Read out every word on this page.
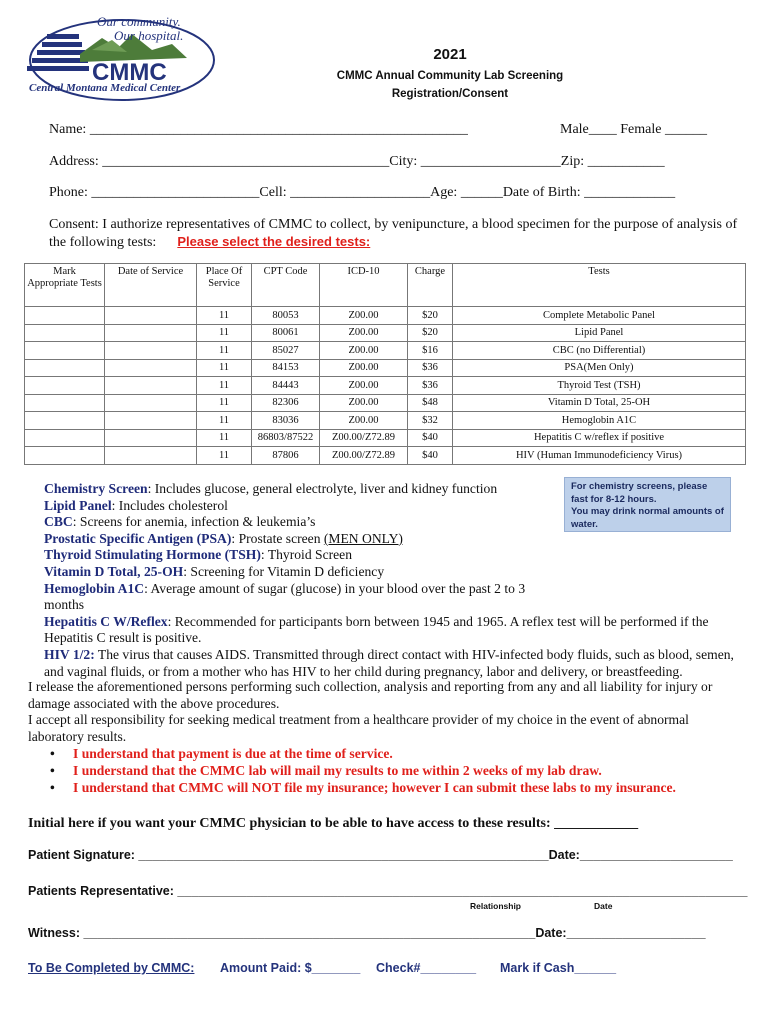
Our community.
Our hospital.
CMMC
Central Montana Medical Center
2021
CMMC Annual Community Lab Screening
Registration/Consent
Name: ______________________________________________________	Male____ Female ______
Address: _________________________________________City: ____________________Zip: ___________
Phone: ________________________Cell: ____________________Age: ______Date of Birth: _____________
Consent: I authorize representatives of CMMC to collect, by venipuncture, a blood specimen for the purpose of analysis of
the following tests: Please select the desired tests:
Mark Appropriate Tests	Date of Service	Place Of Service	CPT Code	ICD-10	Charge	Tests
		11	80053	Z00.00	$20	Complete Metabolic Panel
		11	80061	Z00.00	$20	Lipid Panel
		11	85027	Z00.00	$16	CBC (no Differential)
		11	84153	Z00.00	$36	PSA(Men Only)
		11	84443	Z00.00	$36	Thyroid Test (TSH)
		11	82306	Z00.00	$48	Vitamin D Total, 25-OH
		11	83036	Z00.00	$32	Hemoglobin A1C
		11	86803/87522	Z00.00/Z72.89	$40	Hepatitis C w/reflex if positive
		11	87806	Z00.00/Z72.89	$40	HIV (Human Immunodeficiency Virus)
Chemistry Screen: Includes glucose, general electrolyte, liver and kidney function
Lipid Panel: Includes cholesterol
CBC: Screens for anemia, infection & leukemia’s
Prostatic Specific Antigen (PSA): Prostate screen (MEN ONLY)
Thyroid Stimulating Hormone (TSH): Thyroid Screen
Vitamin D Total, 25-OH: Screening for Vitamin D deficiency
Hemoglobin A1C: Average amount of sugar (glucose) in your blood over the past 2 to 3 months
Hepatitis C W/Reflex: Recommended for participants born between 1945 and 1965. A reflex test will be performed if the Hepatitis C result is positive.
HIV 1/2: The virus that causes AIDS. Transmitted through direct contact with HIV-infected body fluids, such as blood, semen, and vaginal fluids, or from a mother who has HIV to her child during pregnancy, labor and delivery, or breastfeeding.
For chemistry screens, please fast for 8-12 hours.
You may drink normal amounts of water.
I release the aforementioned persons performing such collection, analysis and reporting from any and all liability for injury or damage associated with the above procedures.
I accept all responsibility for seeking medical treatment from a healthcare provider of my choice in the event of abnormal laboratory results.
• I understand that payment is due at the time of service.
• I understand that the CMMC lab will mail my results to me within 2 weeks of my lab draw.
• I understand that CMMC will NOT file my insurance; however I can submit these labs to my insurance.
Initial here if you want your CMMC physician to be able to have access to these results: ____________
Patient Signature: ___________________________________________________________Date:______________________
Patients Representative: __________________________________________________________________________________
Relationship	Date
Witness: _________________________________________________________________Date:____________________
To Be Completed by CMMC: Amount Paid: $_______ Check#________ Mark if Cash______
